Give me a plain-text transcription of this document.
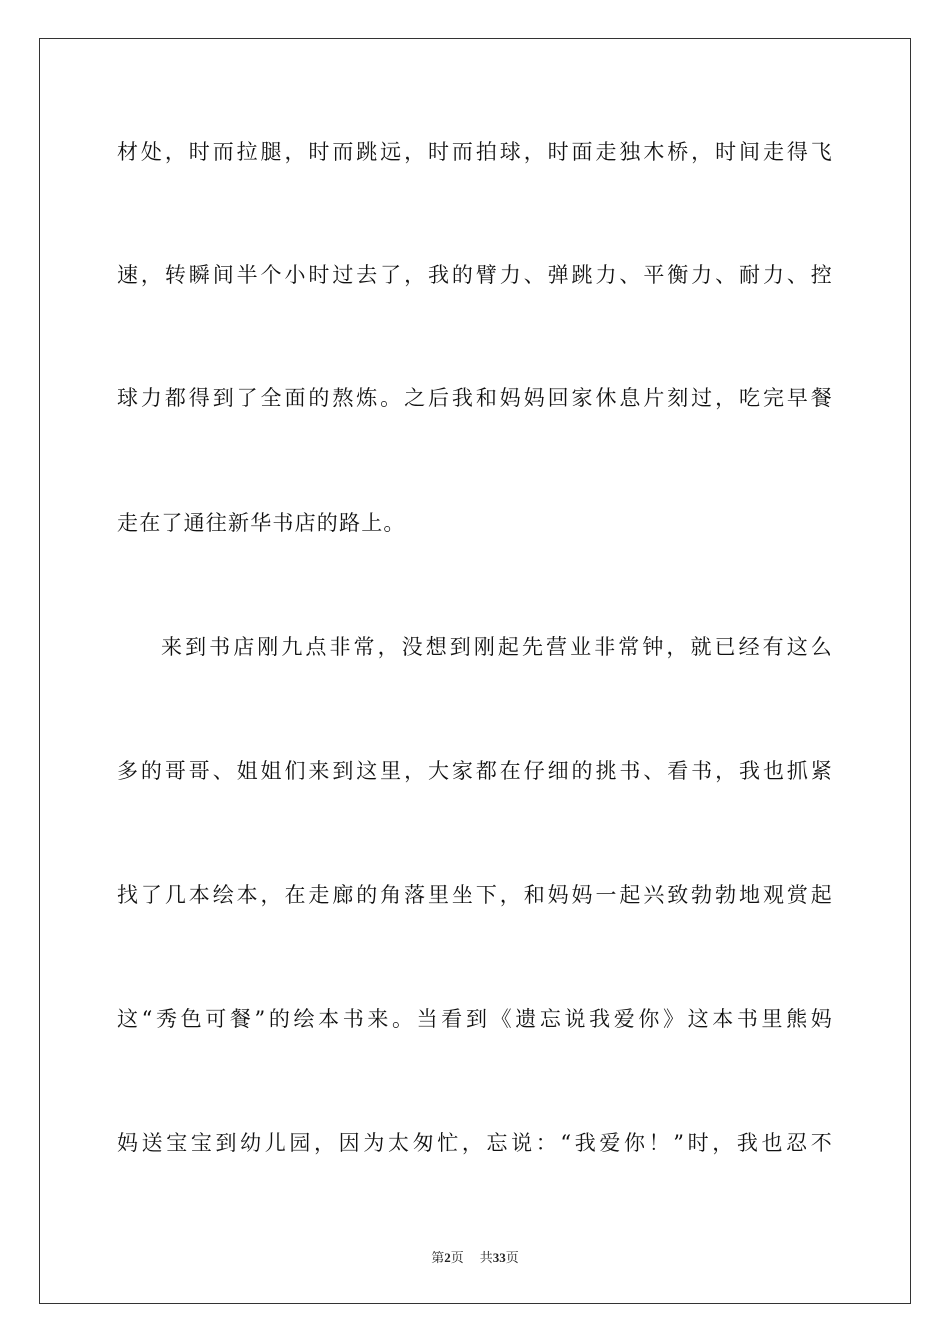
材处，时而拉腿，时而跳远，时而拍球，时面走独木桥，时间走得飞
速，转瞬间半个小时过去了，我的臂力、弹跳力、平衡力、耐力、控
球力都得到了全面的熬炼。之后我和妈妈回家休息片刻过，吃完早餐
走在了通往新华书店的路上。
来到书店刚九点非常，没想到刚起先营业非常钟，就已经有这么
多的哥哥、姐姐们来到这里，大家都在仔细的挑书、看书，我也抓紧
找了几本绘本，在走廊的角落里坐下，和妈妈一起兴致勃勃地观赏起
这“秀色可餐”的绘本书来。当看到《遗忘说我爱你》这本书里熊妈
妈送宝宝到幼儿园，因为太匆忙，忘说：“我爱你！”时，我也忍不
第2页 共33页
